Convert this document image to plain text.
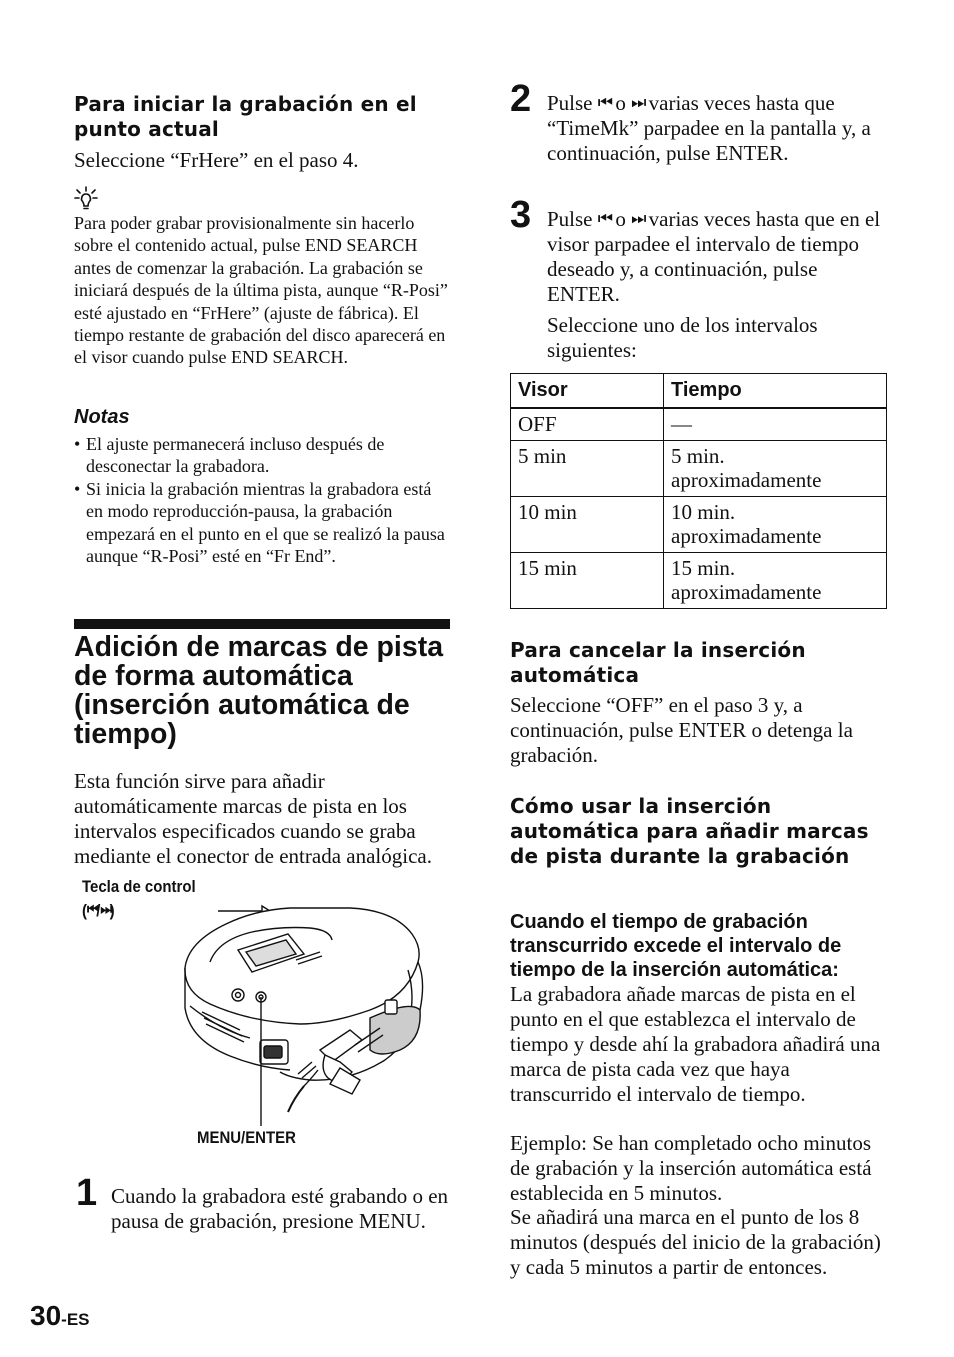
Para iniciar la grabación en el punto actual
Seleccione “FrHere” en el paso 4.
Para poder grabar provisionalmente sin hacerlo sobre el contenido actual, pulse END SEARCH antes de comenzar la grabación. La grabación se iniciará después de la última pista, aunque “R-Posi” esté ajustado en “FrHere” (ajuste de fábrica). El tiempo restante de grabación del disco aparecerá en el visor cuando pulse END SEARCH.
Notas
• El ajuste permanecerá incluso después de desconectar la grabadora.
• Si inicia la grabación mientras la grabadora está en modo reproducción-pausa, la grabación empezará en el punto en el que se realizó la pausa aunque “R-Posi” esté en “Fr End”.
Adición de marcas de pista de forma automática (inserción automática de tiempo)
Esta función sirve para añadir automáticamente marcas de pista en los intervalos especificados cuando se graba mediante el conector de entrada analógica.
Tecla de control
(⏮/⏭)
MENU/ENTER
1 Cuando la grabadora esté grabando o en pausa de grabación, presione MENU.
30-ES
2 Pulse ⏮ o ⏭ varias veces hasta que “TimeMk” parpadee en la pantalla y, a continuación, pulse ENTER.
3 Pulse ⏮ o ⏭ varias veces hasta que en el visor parpadee el intervalo de tiempo deseado y, a continuación, pulse ENTER.
Seleccione uno de los intervalos siguientes:
Visor	Tiempo
OFF	—
5 min	5 min. aproximadamente
10 min	10 min. aproximadamente
15 min	15 min. aproximadamente
Para cancelar la inserción automática
Seleccione “OFF” en el paso 3 y, a continuación, pulse ENTER o detenga la grabación.
Cómo usar la inserción automática para añadir marcas de pista durante la grabación
Cuando el tiempo de grabación transcurrido excede el intervalo de tiempo de la inserción automática:
La grabadora añade marcas de pista en el punto en el que establezca el intervalo de tiempo y desde ahí la grabadora añadirá una marca de pista cada vez que haya transcurrido el intervalo de tiempo.
Ejemplo: Se han completado ocho minutos de grabación y la inserción automática está establecida en 5 minutos.
Se añadirá una marca en el punto de los 8 minutos (después del inicio de la grabación) y cada 5 minutos a partir de entonces.
